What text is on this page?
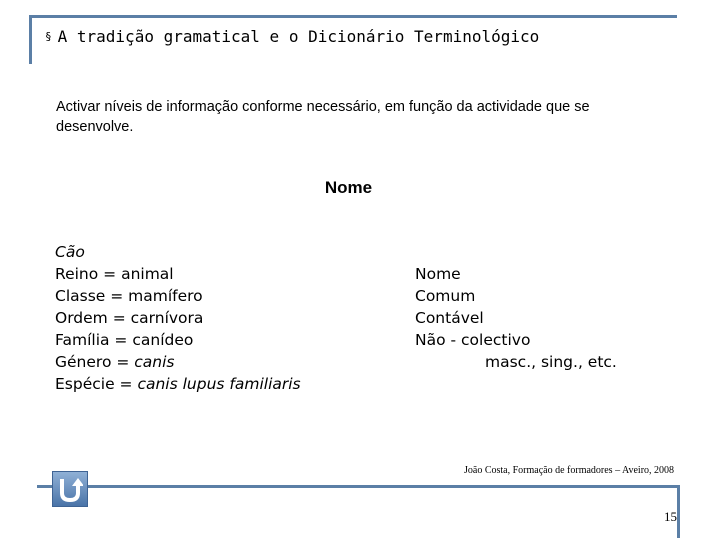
§ A tradição gramatical e o Dicionário Terminológico
Activar níveis de informação conforme necessário, em função da actividade que se desenvolve.
Nome
Cão
Reino = animal
Classe = mamífero
Ordem = carnívora
Família = canídeo
Género = canis
Espécie = canis lupus familiaris
Nome
Comum
Contável
Não - colectivo
masc., sing., etc.
João Costa, Formação de formadores – Aveiro, 2008
15
